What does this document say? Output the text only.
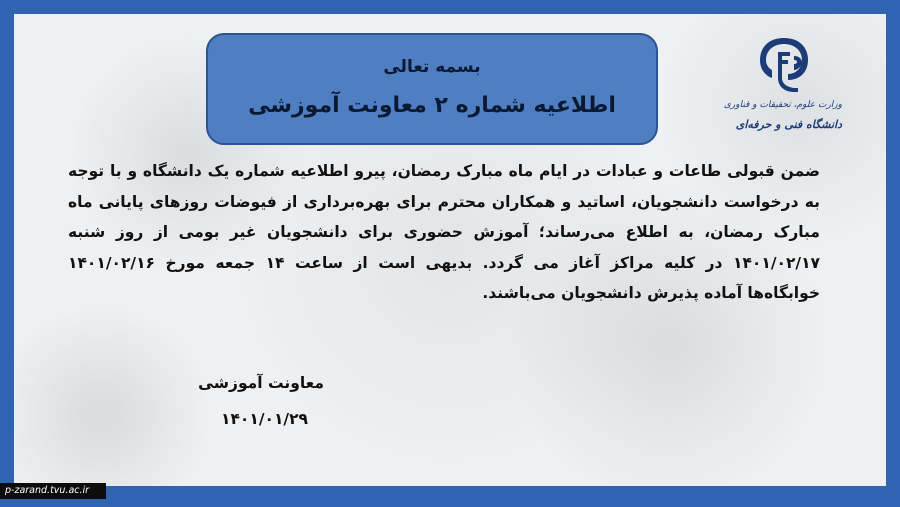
بسمه تعالی
اطلاعیه شماره ۲ معاونت آموزشی	وزارت علوم، تحقیقات و فناوری
دانشگاه فنی و حرفه‌ای
ضمن قبولی طاعات و عبادات در ایام ماه مبارک رمضان، پیرو اطلاعیه شماره یک دانشگاه و با توجه به درخواست دانشجویان، اساتید و همکاران محترم برای بهره‌برداری از فیوضات روزهای پایانی ماه مبارک رمضان، به اطلاع می‌رساند؛ آموزش حضوری برای دانشجویان غیر بومی از روز شنبه ۱۴۰۱/۰۲/۱۷ در کلیه مراکز آغاز می گردد. بدیهی است از ساعت ۱۴ جمعه مورخ ۱۴۰۱/۰۲/۱۶ خوابگاه‌ها آماده پذیرش دانشجویان می‌باشند.
معاونت آموزشی
۱۴۰۱/۰۱/۲۹
p-zarand.tvu.ac.ir
